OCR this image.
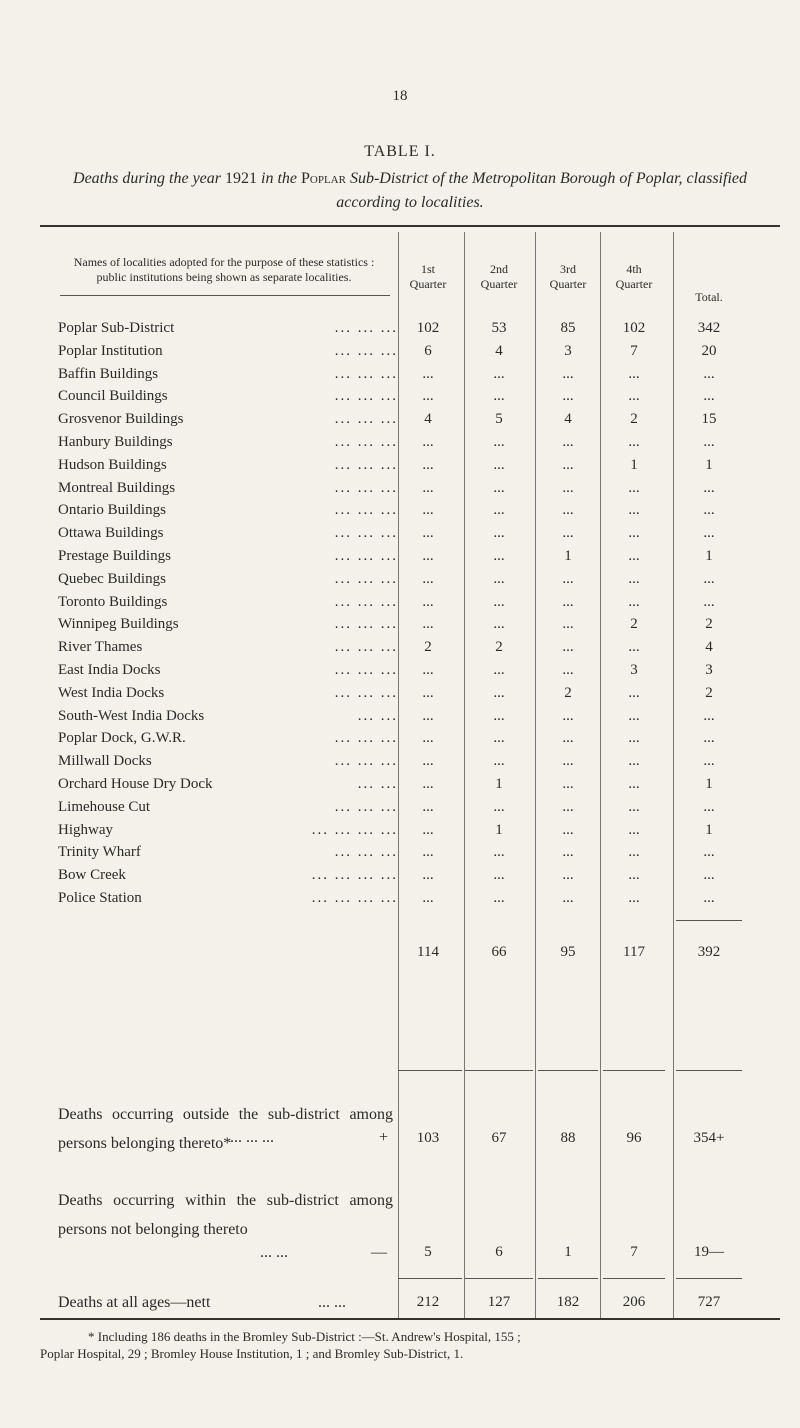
18
TABLE I.
Deaths during the year 1921 in the Poplar Sub-District of the Metropolitan Borough of Poplar, classified according to localities.
Names of localities adopted for the purpose of these statistics : public institutions being shown as separate localities.
1st
Quarter
2nd
Quarter
3rd
Quarter
4th
Quarter
Total.
Poplar Sub-District	... ... ...	102	53	85	102	342
Poplar Institution	... ... ...	6	4	3	7	20
Baffin Buildings	... ... ...	...	...	...	...	...
Council Buildings	... ... ...	...	...	...	...	...
Grosvenor Buildings	... ... ...	4	5	4	2	15
Hanbury Buildings	... ... ...	...	...	...	...	...
Hudson Buildings	... ... ...	...	...	...	1	1
Montreal Buildings	... ... ...	...	...	...	...	...
Ontario Buildings	... ... ...	...	...	...	...	...
Ottawa Buildings	... ... ...	...	...	...	...	...
Prestage Buildings	... ... ...	...	...	1	...	1
Quebec Buildings	... ... ...	...	...	...	...	...
Toronto Buildings	... ... ...	...	...	...	...	...
Winnipeg Buildings	... ... ...	...	...	...	2	2
River Thames	... ... ...	2	2	...	...	4
East India Docks	... ... ...	...	...	...	3	3
West India Docks	... ... ...	...	...	2	...	2
South-West India Docks	... ...	...	...	...	...	...
Poplar Dock, G.W.R.	... ... ...	...	...	...	...	...
Millwall Docks	... ... ...	...	...	...	...	...
Orchard House Dry Dock	... ...	...	1	...	...	1
Limehouse Cut	... ... ...	...	...	...	...	...
Highway	... ... ... ...	...	1	...	...	1
Trinity Wharf	... ... ...	...	...	...	...	...
Bow Creek	... ... ... ...	...	...	...	...	...
Police Station	... ... ... ...	...	...	...	...	...
114	66	95	117	392
Deaths occurring outside the sub-district among persons belonging thereto*
... ... ...	+	103	67	88	96	354+
Deaths occurring within the sub-district among persons not belonging thereto
... ...	—	5	6	1	7	19—
Deaths at all ages—nett	... ...	212	127	182	206	727
* Including 186 deaths in the Bromley Sub-District :—St. Andrew's Hospital, 155 ;
Poplar Hospital, 29 ; Bromley House Institution, 1 ; and Bromley Sub-District, 1.
